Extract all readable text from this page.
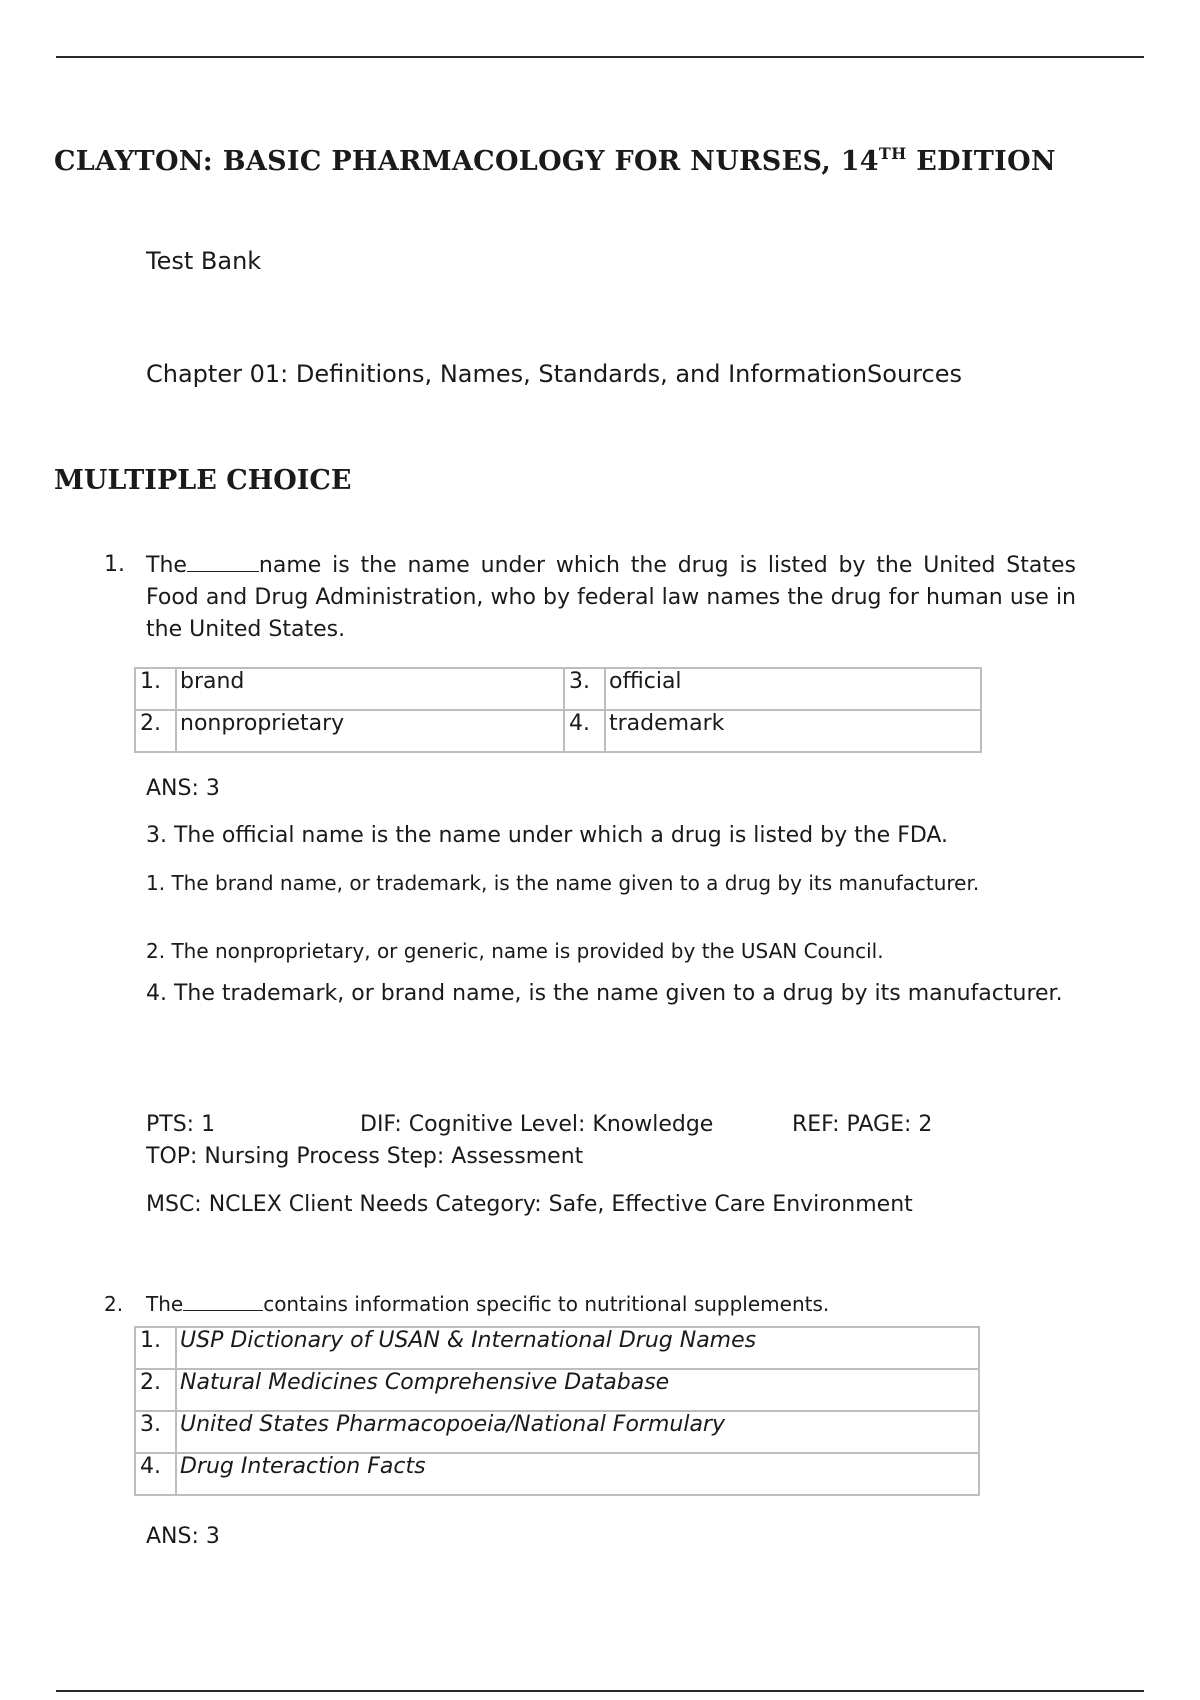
CLAYTON: BASIC PHARMACOLOGY FOR NURSES, 14TH EDITION
Test Bank
Chapter 01: Definitions, Names, Standards, and InformationSources
MULTIPLE CHOICE
1. The	name is the name under which the drug is listed by the United States Food and Drug Administration, who by federal law names the drug for human use in the United States.
1.	brand	3.	official
2.	nonproprietary	4.	trademark
ANS: 3
3. The official name is the name under which a drug is listed by the FDA.
1. The brand name, or trademark, is the name given to a drug by its manufacturer.
2. The nonproprietary, or generic, name is provided by the USAN Council.
4. The trademark, or brand name, is the name given to a drug by its manufacturer.
PTS: 1	DIF: Cognitive Level: Knowledge	REF: PAGE: 2
TOP: Nursing Process Step: Assessment
MSC: NCLEX Client Needs Category: Safe, Effective Care Environment
2. The	contains information specific to nutritional supplements.
1.	USP Dictionary of USAN & International Drug Names
2.	Natural Medicines Comprehensive Database
3.	United States Pharmacopoeia/National Formulary
4.	Drug Interaction Facts
ANS: 3
